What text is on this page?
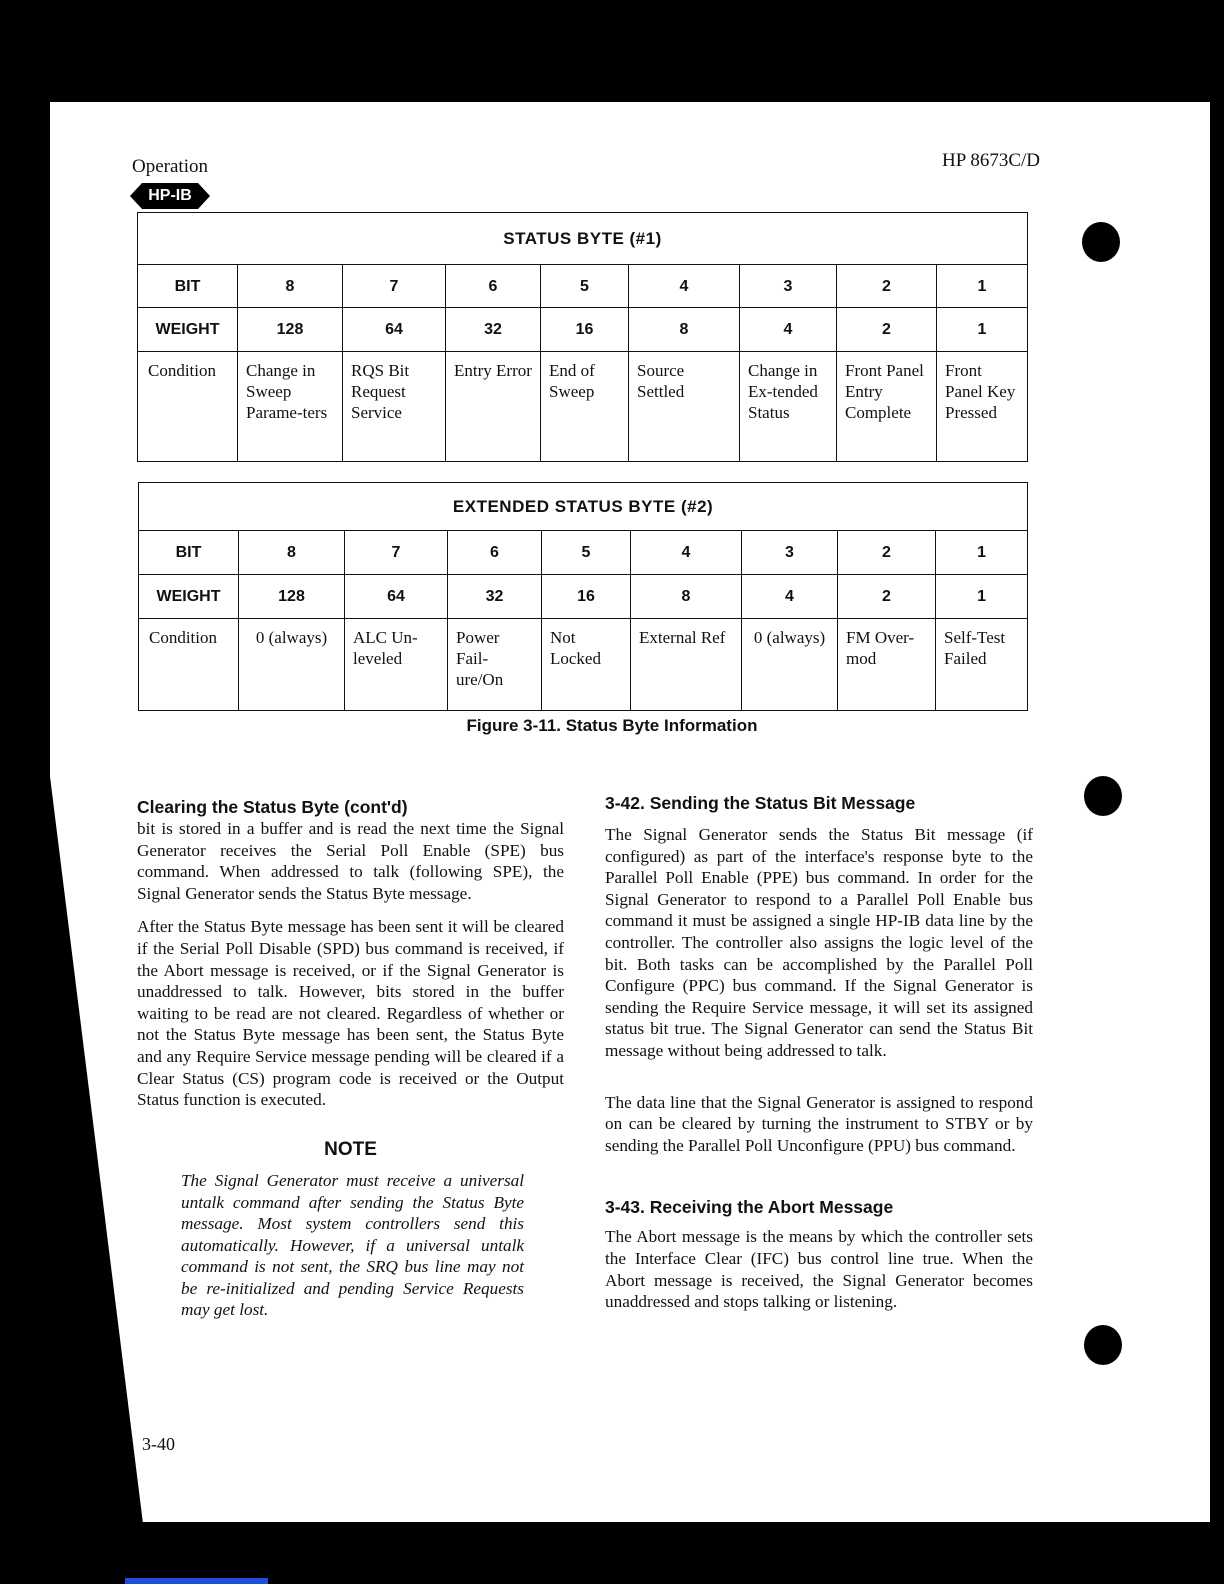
Operation
HP-IB
HP 8673C/D
STATUS BYTE (#1)								
BIT	8	7	6	5	4	3	2	1
WEIGHT	128	64	32	16	8	4	2	1
Condition	Change in Sweep Parame-ters	RQS Bit Request Service	Entry Error	End of Sweep	Source Settled	Change in Ex-tended Status	Front Panel Entry Complete	Front Panel Key Pressed
EXTENDED STATUS BYTE (#2)								
BIT	8	7	6	5	4	3	2	1
WEIGHT	128	64	32	16	8	4	2	1
Condition	0 (always)	ALC Un-leveled	Power Fail-ure/On	Not Locked	External Ref	0 (always)	FM Over-mod	Self-Test Failed
Figure 3-11. Status Byte Information
Clearing the Status Byte (cont'd)

bit is stored in a buffer and is read the next time the Signal Generator receives the Serial Poll Enable (SPE) bus command. When addressed to talk (following SPE), the Signal Generator sends the Status Byte message.

After the Status Byte message has been sent it will be cleared if the Serial Poll Disable (SPD) bus command is received, if the Abort message is received, or if the Signal Generator is unaddressed to talk. However, bits stored in the buffer waiting to be read are not cleared. Regardless of whether or not the Status Byte message has been sent, the Status Byte and any Require Service message pending will be cleared if a Clear Status (CS) program code is received or the Output Status function is executed.

NOTE
The Signal Generator must receive a universal untalk command after sending the Status Byte message. Most system controllers send this automatically. However, if a universal untalk command is not sent, the SRQ bus line may not be re-initialized and pending Service Requests may get lost.
3-42. Sending the Status Bit Message

The Signal Generator sends the Status Bit message (if configured) as part of the interface's response byte to the Parallel Poll Enable (PPE) bus command. In order for the Signal Generator to respond to a Parallel Poll Enable bus command it must be assigned a single HP-IB data line by the controller. The controller also assigns the logic level of the bit. Both tasks can be accomplished by the Parallel Poll Configure (PPC) bus command. If the Signal Generator is sending the Require Service message, it will set its assigned status bit true. The Signal Generator can send the Status Bit message without being addressed to talk.

The data line that the Signal Generator is assigned to respond on can be cleared by turning the instrument to STBY or by sending the Parallel Poll Unconfigure (PPU) bus command.

3-43. Receiving the Abort Message

The Abort message is the means by which the controller sets the Interface Clear (IFC) bus control line true. When the Abort message is received, the Signal Generator becomes unaddressed and stops talking or listening.

3-40
